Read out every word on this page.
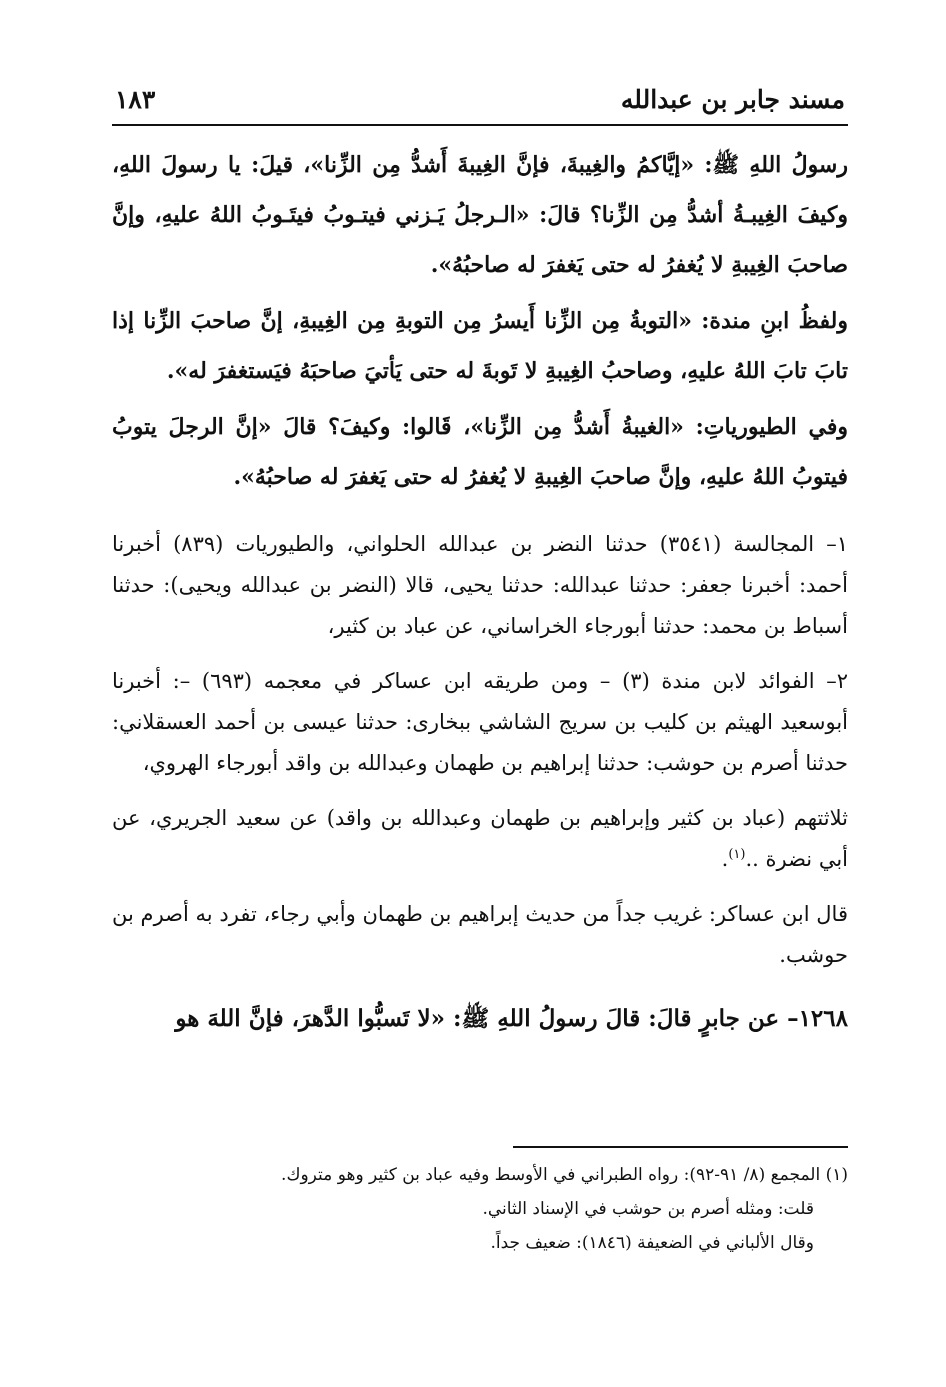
مسند جابر بن عبدالله
١٨٣

رسولُ اللهِ ﷺ: «إيَّاكمُ والغِيبةَ، فإنَّ الغِيبةَ أَشدُّ مِن الزِّنا»، قيلَ: يا رسولَ اللهِ، وكيفَ الغِيبـةُ أشدُّ مِن الزِّنا؟ قالَ: «الـرجلُ يَـزني فيتـوبُ فيتَـوبُ اللهُ عليهِ، وإنَّ صاحبَ الغِيبةِ لا يُغفرُ له حتى يَغفرَ له صاحبُهُ».

ولفظُ ابنِ مندة: «التوبةُ مِن الزِّنا أَيسرُ مِن التوبةِ مِن الغِيبةِ، إنَّ صاحبَ الزِّنا إذا تابَ تابَ اللهُ عليهِ، وصاحبُ الغِيبةِ لا تَوبةَ له حتى يَأتيَ صاحبَهُ فيَستغفرَ له».

وفي الطيورياتِ: «الغيبةُ أَشدُّ مِن الزِّنا»، قَالوا: وكيفَ؟ قالَ «إنَّ الرجلَ يتوبُ فيتوبُ اللهُ عليهِ، وإنَّ صاحبَ الغِيبةِ لا يُغفرُ له حتى يَغفرَ له صاحبُهُ».

١– المجالسة (٣٥٤١) حدثنا النضر بن عبدالله الحلواني، والطيوريات (٨٣٩) أخبرنا أحمد: أخبرنا جعفر: حدثنا عبدالله: حدثنا يحيى، قالا (النضر بن عبدالله ويحيى): حدثنا أسباط بن محمد: حدثنا أبورجاء الخراساني، عن عباد بن كثير،

٢– الفوائد لابن مندة (٣) – ومن طريقه ابن عساكر في معجمه (٦٩٣) –: أخبرنا أبوسعيد الهيثم بن كليب بن سريج الشاشي ببخارى: حدثنا عيسى بن أحمد العسقلاني: حدثنا أصرم بن حوشب: حدثنا إبراهيم بن طهمان وعبدالله بن واقد أبورجاء الهروي،

ثلاثتهم (عباد بن كثير وإبراهيم بن طهمان وعبدالله بن واقد) عن سعيد الجريري، عن أبي نضرة ..$^{(١)}$.

قال ابن عساكر: غريب جداً من حديث إبراهيم بن طهمان وأبي رجاء، تفرد به أصرم بن حوشب.

١٢٦٨– عن جابرٍ قالَ: قالَ رسولُ اللهِ ﷺ: «لا تَسبُّوا الدَّهرَ، فإنَّ اللهَ هو

(١) المجمع (٨/ ٩١-٩٢): رواه الطبراني في الأوسط وفيه عباد بن كثير وهو متروك.

قلت: ومثله أصرم بن حوشب في الإسناد الثاني.

وقال الألباني في الضعيفة (١٨٤٦): ضعيف جداً.
